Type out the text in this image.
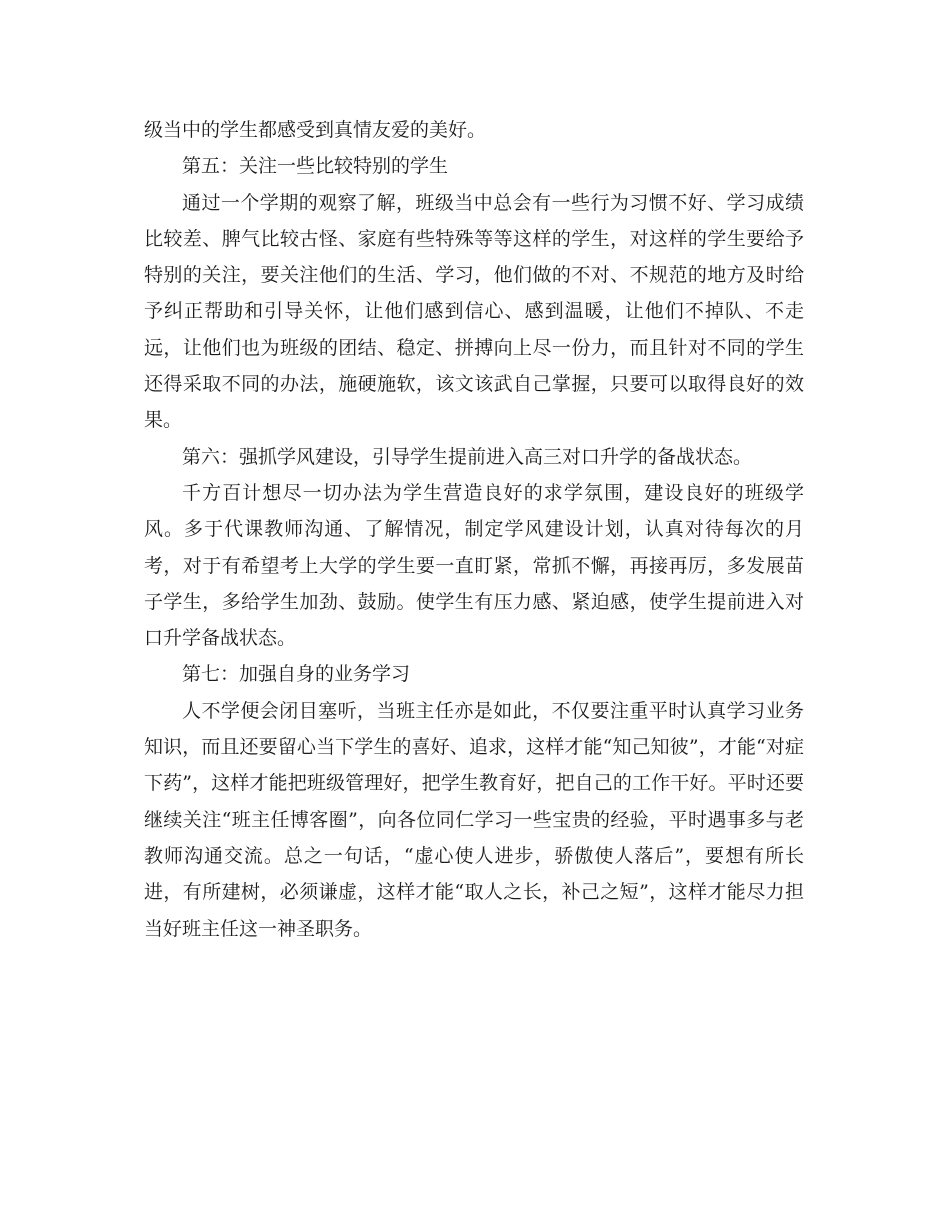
级当中的学生都感受到真情友爱的美好。

第五：关注一些比较特别的学生

通过一个学期的观察了解，班级当中总会有一些行为习惯不好、学习成绩比较差、脾气比较古怪、家庭有些特殊等等这样的学生，对这样的学生要给予特别的关注，要关注他们的生活、学习，他们做的不对、不规范的地方及时给予纠正帮助和引导关怀，让他们感到信心、感到温暖，让他们不掉队、不走远，让他们也为班级的团结、稳定、拼搏向上尽一份力，而且针对不同的学生还得采取不同的办法，施硬施软，该文该武自己掌握，只要可以取得良好的效果。

第六：强抓学风建设，引导学生提前进入高三对口升学的备战状态。

千方百计想尽一切办法为学生营造良好的求学氛围，建设良好的班级学风。多于代课教师沟通、了解情况，制定学风建设计划，认真对待每次的月考，对于有希望考上大学的学生要一直盯紧，常抓不懈，再接再厉，多发展苗子学生，多给学生加劲、鼓励。使学生有压力感、紧迫感，使学生提前进入对口升学备战状态。

第七：加强自身的业务学习

人不学便会闭目塞听，当班主任亦是如此，不仅要注重平时认真学习业务知识，而且还要留心当下学生的喜好、追求，这样才能“知己知彼”，才能“对症下药”，这样才能把班级管理好，把学生教育好，把自己的工作干好。平时还要继续关注“班主任博客圈”，向各位同仁学习一些宝贵的经验，平时遇事多与老教师沟通交流。总之一句话，“虚心使人进步，骄傲使人落后”，要想有所长进，有所建树，必须谦虚，这样才能“取人之长，补己之短”，这样才能尽力担当好班主任这一神圣职务。
